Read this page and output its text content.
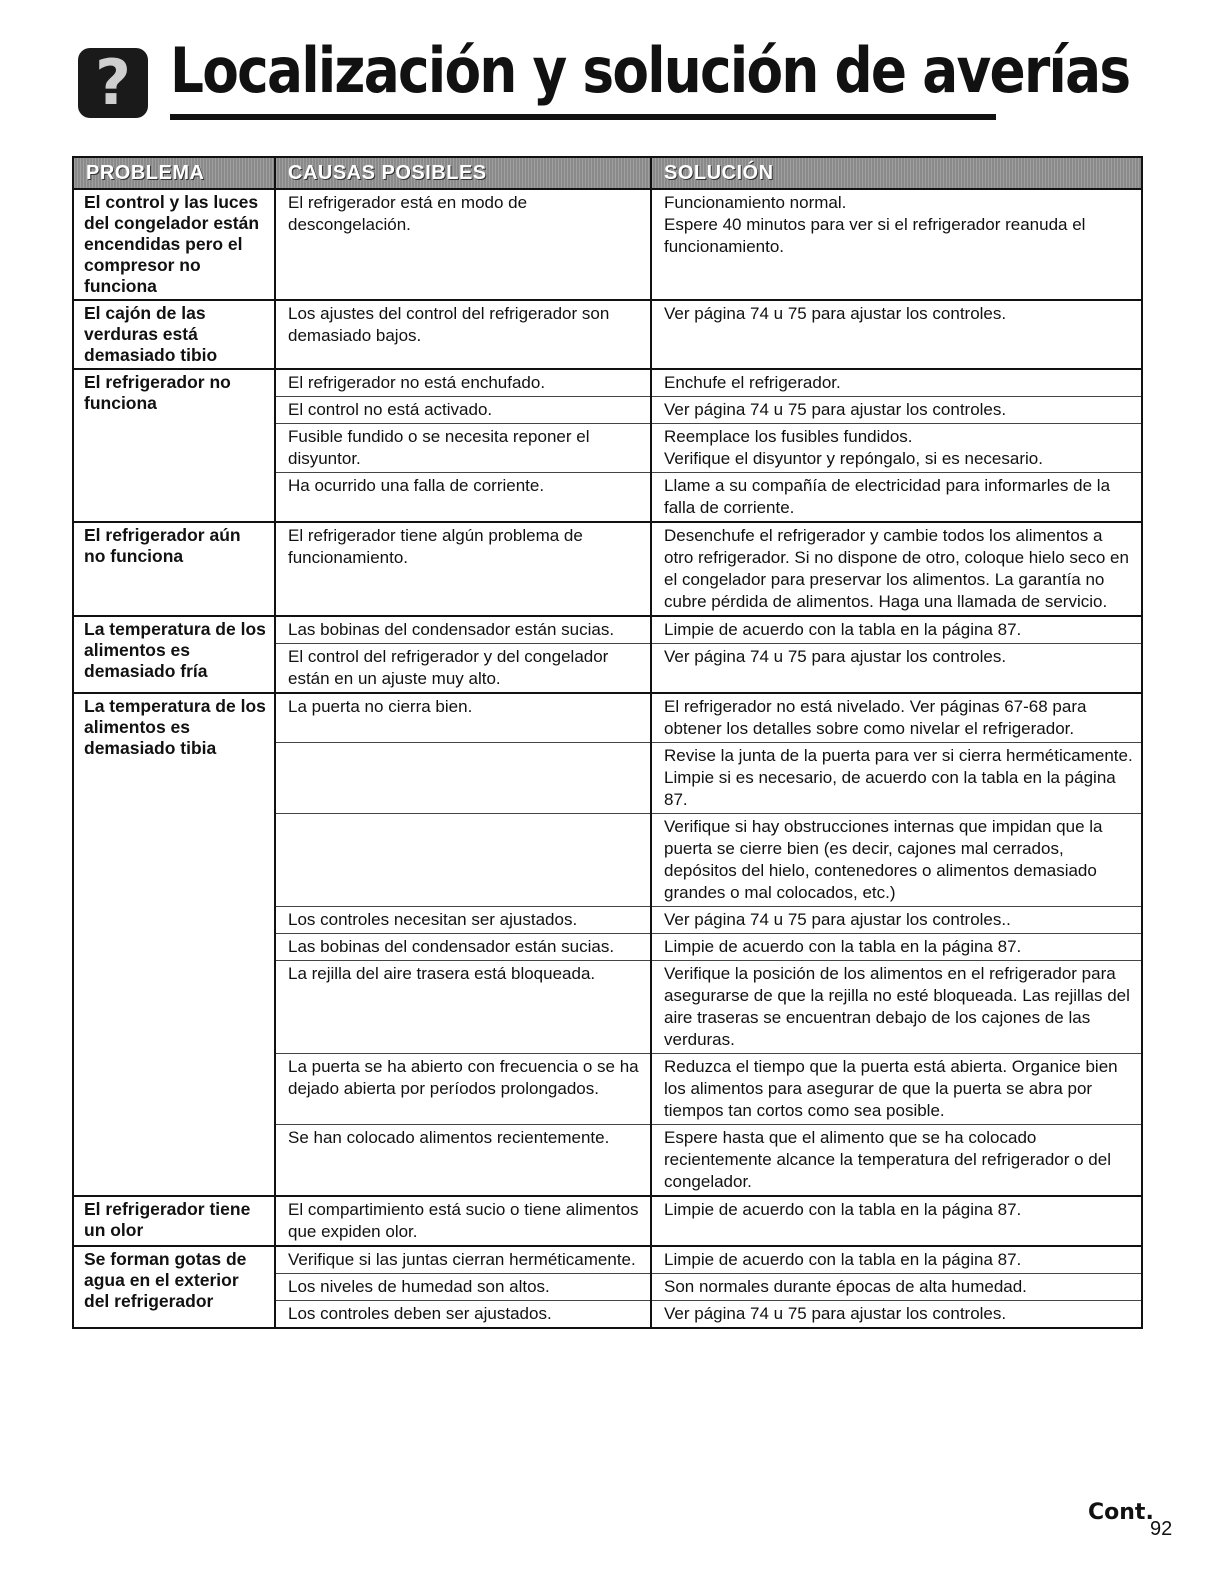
? Localización y solución de averías
PROBLEMA	CAUSAS POSIBLES	SOLUCIÓN
El control y las luces del congelador están encendidas pero el compresor no funciona	El refrigerador está en modo de descongelación.	Funcionamiento normal.
Espere 40 minutos para ver si el refrigerador reanuda el funcionamiento.

El cajón de las verduras está demasiado tibio	Los ajustes del control del refrigerador son demasiado bajos.	Ver página 74 u 75 para ajustar los controles.

El refrigerador no funciona	El refrigerador no está enchufado.	Enchufe el refrigerador.

	El control no está activado.	Ver página 74 u 75 para ajustar los controles.

	Fusible fundido o se necesita reponer el disyuntor.	Reemplace los fusibles fundidos.
Verifique el disyuntor y repóngalo, si es necesario.

	Ha ocurrido una falla de corriente.	Llame a su compañía de electricidad para informarles de la falla de corriente.

El refrigerador aún no funciona	El refrigerador tiene algún problema de funcionamiento.	Desenchufe el refrigerador y cambie todos los alimentos a otro refrigerador. Si no dispone de otro, coloque hielo seco en el congelador para preservar los alimentos. La garantía no cubre pérdida de alimentos. Haga una llamada de servicio.

La temperatura de los alimentos es demasiado fría	Las bobinas del condensador están sucias.	Limpie de acuerdo con la tabla en la página 87.

	El control del refrigerador y del congelador están en un ajuste muy alto.	Ver página 74 u 75 para ajustar los controles.

La temperatura de los alimentos es demasiado tibia	La puerta no cierra bien.	El refrigerador no está nivelado. Ver páginas 67-68 para obtener los detalles sobre como nivelar el refrigerador.

		Revise la junta de la puerta para ver si cierra herméticamente. Limpie si es necesario, de acuerdo con la tabla en la página 87.

		Verifique si hay obstrucciones internas que impidan que la puerta se cierre bien (es decir, cajones mal cerrados, depósitos del hielo, contenedores o alimentos demasiado grandes o mal colocados, etc.)

	Los controles necesitan ser ajustados.	Ver página 74 u 75 para ajustar los controles..

	Las bobinas del condensador están sucias.	Limpie de acuerdo con la tabla en la página 87.

	La rejilla del aire trasera está bloqueada.	Verifique la posición de los alimentos en el refrigerador para asegurarse de que la rejilla no esté bloqueada. Las rejillas del aire traseras se encuentran debajo de los cajones de las verduras.

	La puerta se ha abierto con frecuencia o se ha dejado abierta por períodos prolongados.	Reduzca el tiempo que la puerta está abierta. Organice bien los alimentos para asegurar de que la puerta se abra por tiempos tan cortos como sea posible.

	Se han colocado alimentos recientemente.	Espere hasta que el alimento que se ha colocado recientemente alcance la temperatura del refrigerador o del congelador.

El refrigerador tiene un olor	El compartimiento está sucio o tiene alimentos que expiden olor.	Limpie de acuerdo con la tabla en la página 87.

Se forman gotas de agua en el exterior del refrigerador	Verifique si las juntas cierran herméticamente.	Limpie de acuerdo con la tabla en la página 87.

	Los niveles de humedad son altos.	Son normales durante épocas de alta humedad.

	Los controles deben ser ajustados.	Ver página 74 u 75 para ajustar los controles.
Cont.
92
